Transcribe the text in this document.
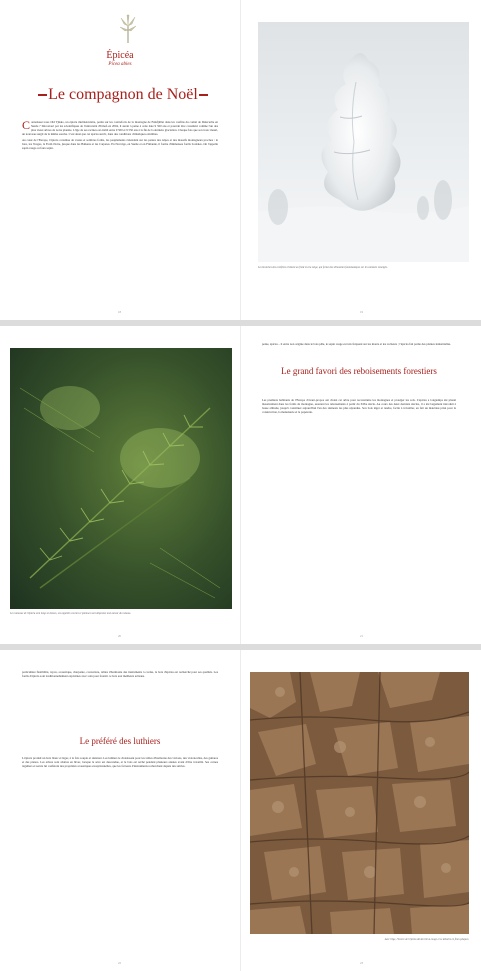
Épicéa
Picea abies
Le compagnon de Noël

Connaissez-vous Old Tjikko, un épicéa multiséculaire, perdu sur les contreforts de la montagne de Fulufjället dans les confins du comté de Dalécarlie en Suède ? Découvert par les scientifiques de l'université d'Umeå en 2004, il aurait à peine à cette date 9 500 ans et pourrait être considéré comme l'un des plus vieux arbres de notre planète. L'âge de ses racines est établi entre 9 500 et 9 550 ans à la fin de la dernière glaciation. Chaque fois que son tronc meurt, un nouveau surgit de la même souche. C'est ainsi que cet épicéa survit, dans des conditions climatiques extrêmes.

Au cœur de l'Europe, l'épicéa constitue de vastes et sombres forêts, les peuplements s'étendant sur les pentes des Alpes et des massifs montagneux proches : le Jura, les Vosges, la Forêt-Noire, jusque dans les Balkans et les Carpates. En Norvège, en Suède et en Finlande, il forme d'immenses forêts boréales. On l'appelle sapin rouge ou faux sapin.

18
Les branches des conifères résistent au froid et à la neige, qui forme des silhouettes fantomatiques sur les sommets enneigés.
19
Les rameaux de l'épicéa sont longs et denses, ses aiguilles courtes et pointues sont disposées tout autour du rameau.
20

pente, épicéa – il entre non origine dans le bois pâle, le sapin rouge est très fréquent sur les monts et les rocheurs ; l'épicéa fait partie des plantes industrielles.

Le grand favori des reboisements forestiers

Les premiers habitants de l'Europe d'avant-propos ont choisi cet arbre pour reconstruire les montagnes et protéger les sols. L'épicéa a longtemps été planté massivement dans les forêts de montagne, assurant les reboisements à partir du XIXe siècle. Au cours des deux derniers siècles, il a été largement introduit à basse altitude, jusqu'à constituer aujourd'hui l'un des résineux les plus répandus. Son bois léger et tendre, facile à travailler, en fait un matériau prisé pour la construction, la menuiserie et la papeterie.

21

particulière flexibilité, rayon, acoustique, charpente, couverture, tables d'harmonie des instruments à cordes, le bois d'épicéa est recherché pour ses qualités. Les forêts d'épicéa sont traditionnellement exploitées avec soin pour fournir ce bois aux meilleurs artisans.

Le préféré des luthiers

L'épicéa produit un bois blanc et léger, à la fois souple et résistant. Les luthiers le choisissent pour les tables d'harmonie des violons, des violoncelles, des guitares et des pianos. Les arbres sont abattus en hiver, lorsque la sève est descendue, et le bois est séché pendant plusieurs années avant d'être travaillé. Ses cernes réguliers et serrés lui confèrent des propriétés acoustiques exceptionnelles, que les facteurs d'instruments recherchent depuis des siècles.

22
Avec l'âge, l'écorce de l'épicéa devient brun-rouge et se détache en fines plaques.
23
